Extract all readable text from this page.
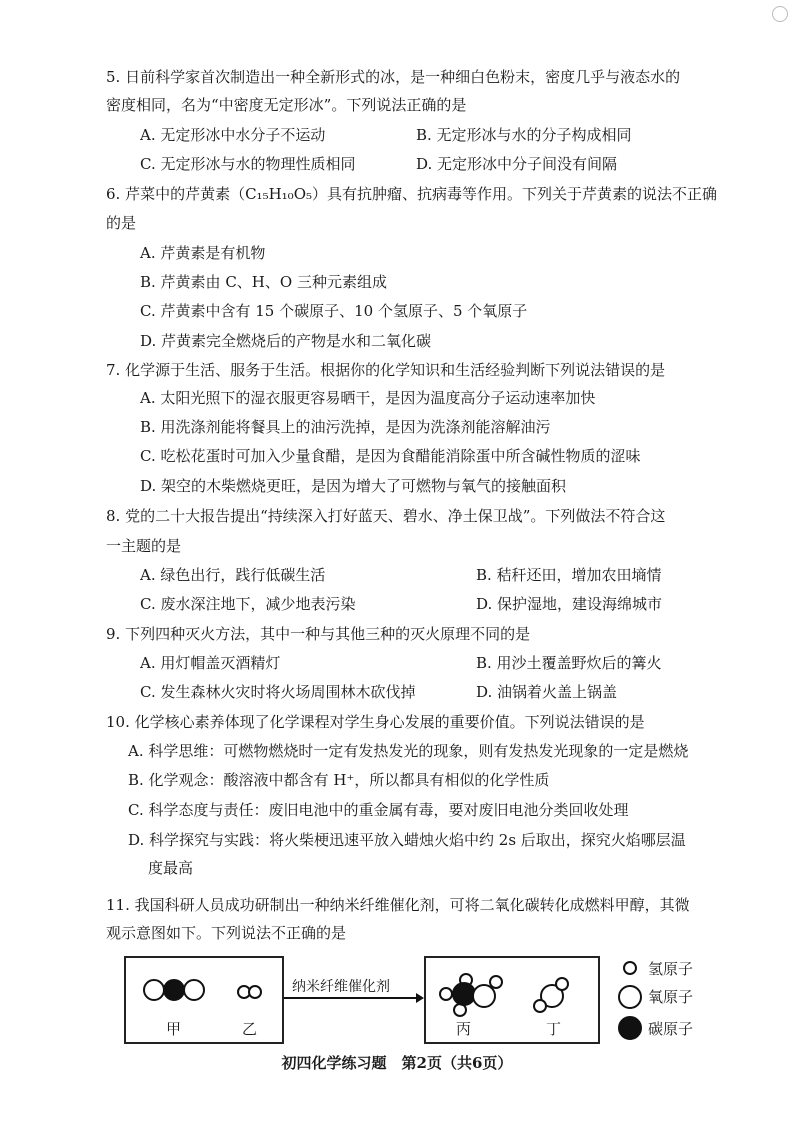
5. 日前科学家首次制造出一种全新形式的冰，是一种细白色粉末，密度几乎与液态水的
密度相同，名为“中密度无定形冰”。下列说法正确的是
A. 无定形冰中水分子不运动	B. 无定形冰与水的分子构成相同
C. 无定形冰与水的物理性质相同	D. 无定形冰中分子间没有间隔
6. 芹菜中的芹黄素（C₁₅H₁₀O₅）具有抗肿瘤、抗病毒等作用。下列关于芹黄素的说法不正确
的是
A. 芹黄素是有机物
B. 芹黄素由 C、H、O 三种元素组成
C. 芹黄素中含有 15 个碳原子、10 个氢原子、5 个氧原子
D. 芹黄素完全燃烧后的产物是水和二氧化碳
7. 化学源于生活、服务于生活。根据你的化学知识和生活经验判断下列说法错误的是
A. 太阳光照下的湿衣服更容易晒干，是因为温度高分子运动速率加快
B. 用洗涤剂能将餐具上的油污洗掉，是因为洗涤剂能溶解油污
C. 吃松花蛋时可加入少量食醋，是因为食醋能消除蛋中所含碱性物质的涩味
D. 架空的木柴燃烧更旺，是因为增大了可燃物与氧气的接触面积
8. 党的二十大报告提出“持续深入打好蓝天、碧水、净土保卫战”。下列做法不符合这
一主题的是
A. 绿色出行，践行低碳生活	B. 秸秆还田，增加农田墒情
C. 废水深注地下，减少地表污染	D. 保护湿地，建设海绵城市
9. 下列四种灭火方法，其中一种与其他三种的灭火原理不同的是
A. 用灯帽盖灭酒精灯	B. 用沙土覆盖野炊后的篝火
C. 发生森林火灾时将火场周围林木砍伐掉	D. 油锅着火盖上锅盖
10. 化学核心素养体现了化学课程对学生身心发展的重要价值。下列说法错误的是
A. 科学思维：可燃物燃烧时一定有发热发光的现象，则有发热发光现象的一定是燃烧
B. 化学观念：酸溶液中都含有 H⁺，所以都具有相似的化学性质
C. 科学态度与责任：废旧电池中的重金属有毒，要对废旧电池分类回收处理
D. 科学探究与实践：将火柴梗迅速平放入蜡烛火焰中约 2s 后取出，探究火焰哪层温
度最高
11. 我国科研人员成功研制出一种纳米纤维催化剂，可将二氧化碳转化成燃料甲醇，其微
观示意图如下。下列说法不正确的是
纳米纤维催化剂
甲	乙	丙	丁
氢原子
氧原子
碳原子
初四化学练习题　第2页（共6页）
